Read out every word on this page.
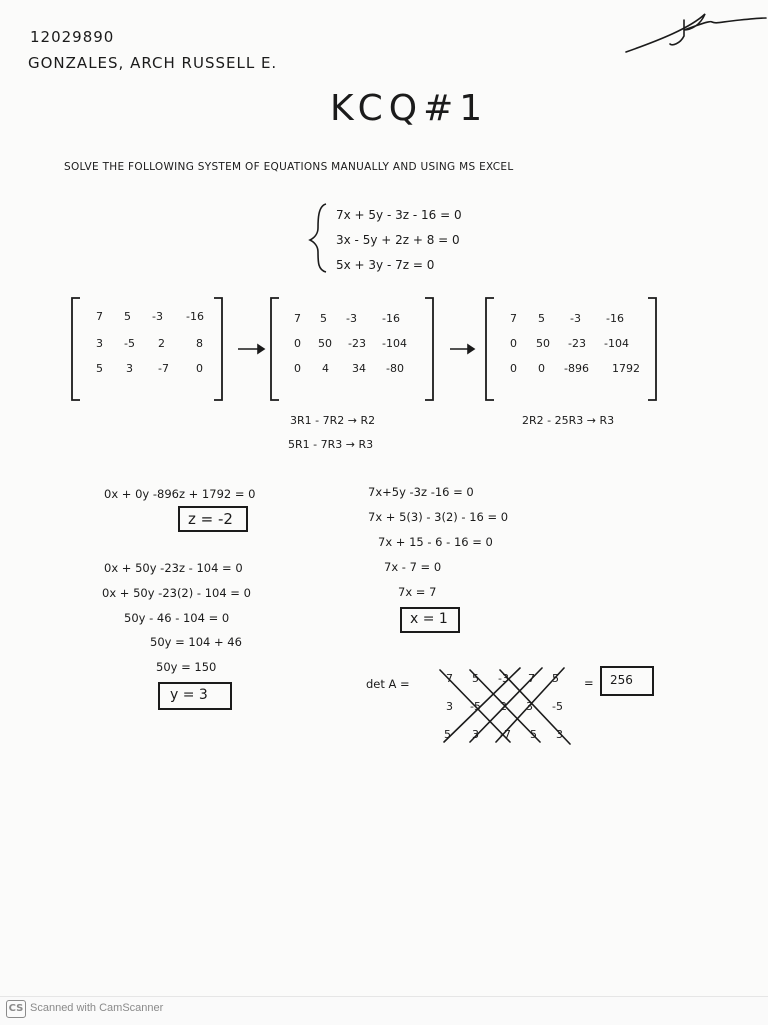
12029890
GONZALES, ARCH RUSSELL E.
KCQ#1
SOLVE THE FOLLOWING SYSTEM OF EQUATIONS MANUALLY AND USING MS EXCEL
7x + 5y - 3z - 16 = 0
3x - 5y + 2z + 8 = 0
5x + 3y - 7z = 0
7 5 -3 -16
3 -5 2	8
5 3 -7 0
7 5 -3 -16
0 50 -23 -104
0 4 34 -80
7 5 -3 -16
0 50 -23 -104
0 0 -896 1792
3R1 - 7R2 → R2
5R1 - 7R3 → R3
2R2 - 25R3 → R3
0x + 0y -896z + 1792 = 0
z = -2
0x + 50y -23z - 104 = 0
0x + 50y -23(2) - 104 = 0
50y - 46 - 104 = 0
50y = 104 + 46
50y = 150
y = 3
7x+5y -3z -16 = 0
7x + 5(3) - 3(2) - 16 = 0
7x + 15 - 6 - 16 = 0
7x - 7 = 0
7x = 7
x = 1
det A =	7 5 -3 7 5
3 -5 2 3 -5
5 3 -7 5 3
= 256
CS Scanned with CamScanner
